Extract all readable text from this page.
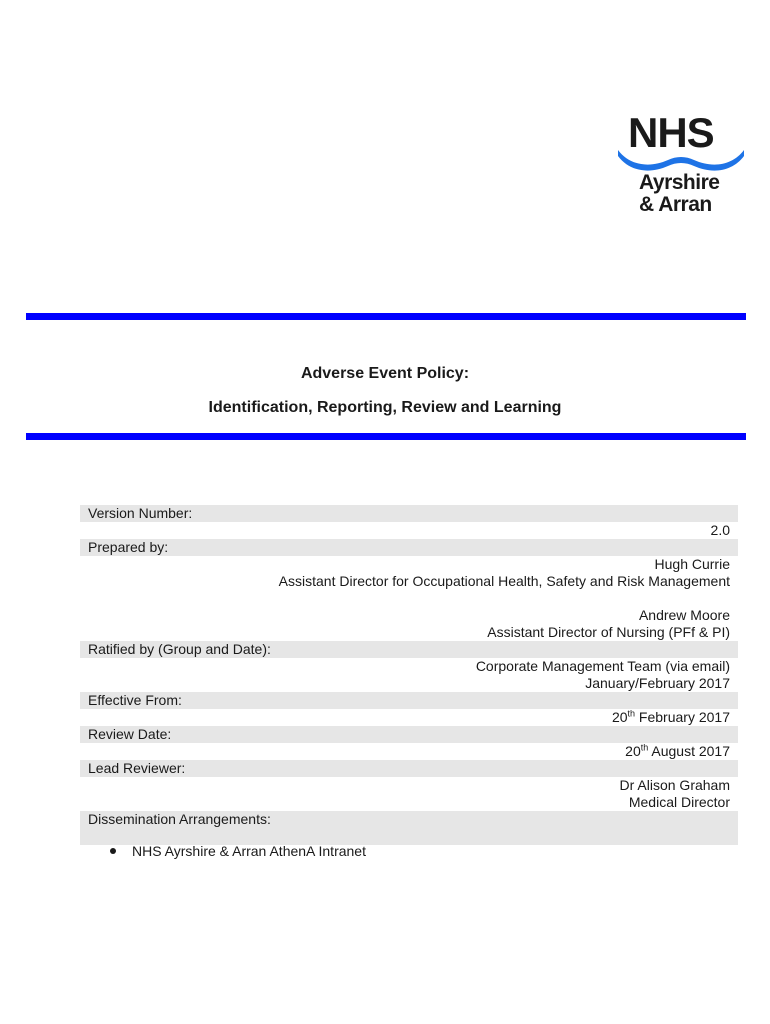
NHS
Ayrshire
& Arran
Adverse Event Policy:
Identification, Reporting, Review and Learning
Version Number:
2.0
Prepared by:
Hugh Currie
Assistant Director for Occupational Health, Safety and Risk Management
Andrew Moore
Assistant Director of Nursing (PFf & PI)
Ratified by (Group and Date):
Corporate Management Team (via email)
January/February 2017
Effective From:
20th February 2017
Review Date:
20th August 2017
Lead Reviewer:
Dr Alison Graham
Medical Director
Dissemination Arrangements:
NHS Ayrshire & Arran AthenA Intranet
